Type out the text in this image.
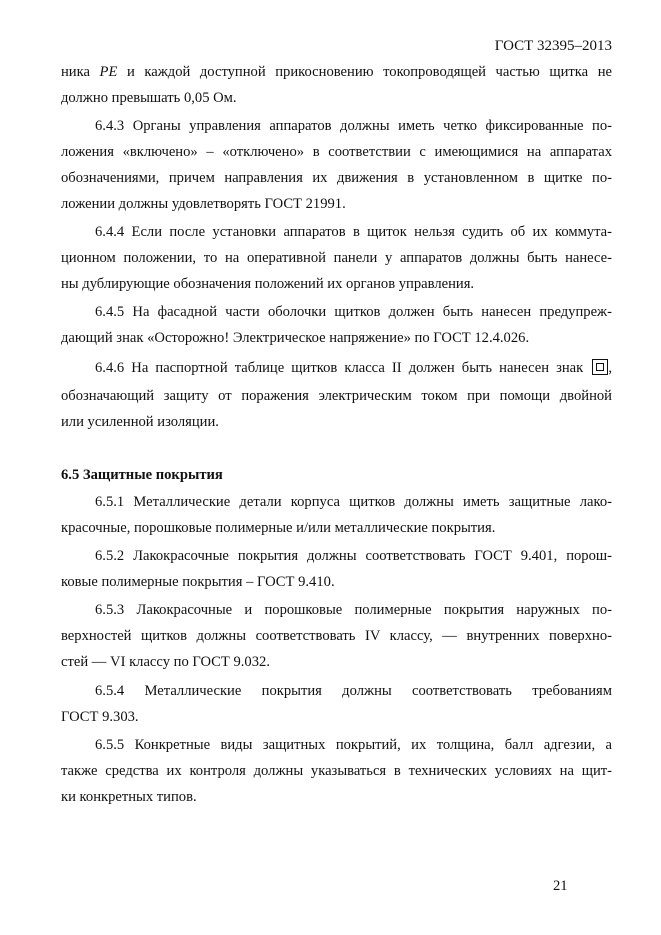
ГОСТ 32395–2013
ника PE и каждой доступной прикосновению токопроводящей частью щитка не
должно превышать 0,05 Ом.
6.4.3 Органы управления аппаратов должны иметь четко фиксированные по-
ложения «включено» – «отключено» в соответствии с имеющимися на аппаратах
обозначениями, причем направления их движения в установленном в щитке по-
ложении должны удовлетворять ГОСТ 21991.
6.4.4 Если после установки аппаратов в щиток нельзя судить об их коммута-
ционном положении, то на оперативной панели у аппаратов должны быть нанесе-
ны дублирующие обозначения положений их органов управления.
6.4.5 На фасадной части оболочки щитков должен быть нанесен предупреж-
дающий знак «Осторожно! Электрическое напряжение» по ГОСТ 12.4.026.
6.4.6 На паспортной таблице щитков класса II должен быть нанесен знак ,
обозначающий защиту от поражения электрическим током при помощи двойной
или усиленной изоляции.
6.5 Защитные покрытия
6.5.1 Металлические детали корпуса щитков должны иметь защитные лако-
красочные, порошковые полимерные и/или металлические покрытия.
6.5.2 Лакокрасочные покрытия должны соответствовать ГОСТ 9.401, порош-
ковые полимерные покрытия – ГОСТ 9.410.
6.5.3 Лакокрасочные и порошковые полимерные покрытия наружных по-
верхностей щитков должны соответствовать IV классу, — внутренних поверхно-
стей — VI классу по ГОСТ 9.032.
6.5.4 Металлические покрытия должны соответствовать требованиям
ГОСТ 9.303.
6.5.5 Конкретные виды защитных покрытий, их толщина, балл адгезии, а
также средства их контроля должны указываться в технических условиях на щит-
ки конкретных типов.
21
